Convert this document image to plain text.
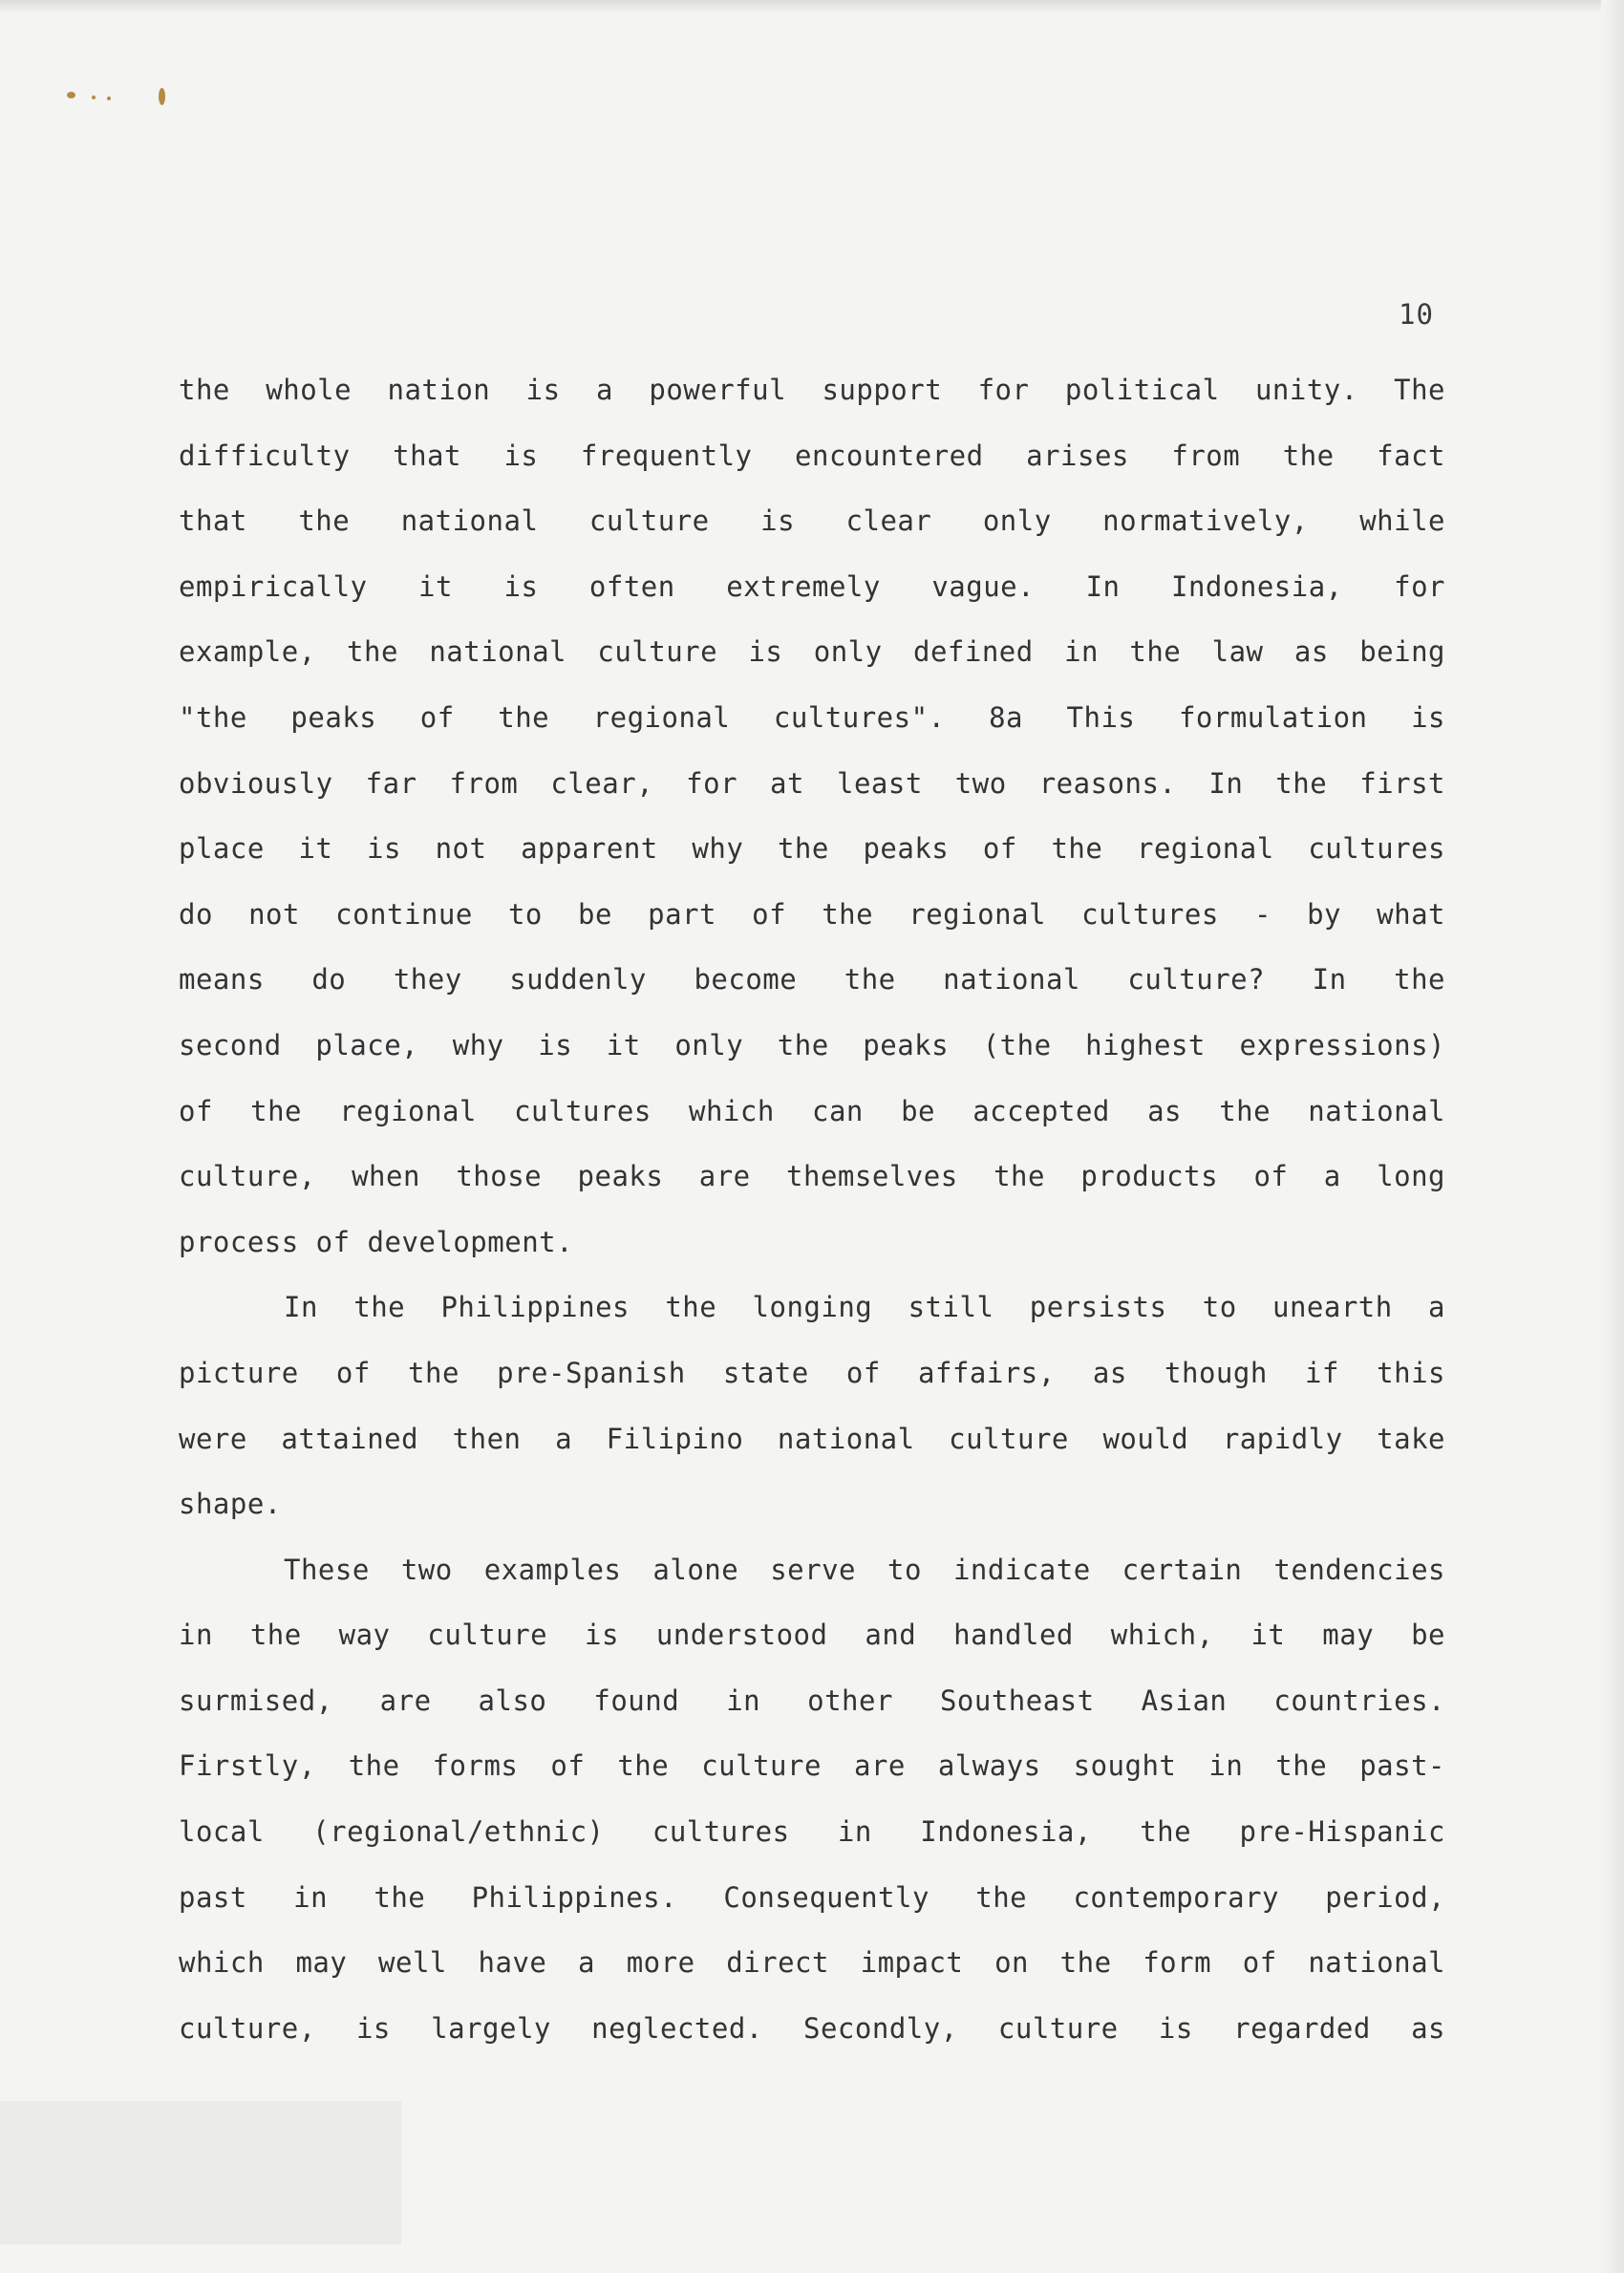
10
the whole nation is a powerful support for political unity. The
difficulty that is frequently encountered arises from the fact
that the national culture is clear only normatively, while
empirically it is often extremely vague. In Indonesia, for
example, the national culture is only defined in the law as being
"the peaks of the regional cultures". 8a This formulation is
obviously far from clear, for at least two reasons. In the first
place it is not apparent why the peaks of the regional cultures
do not continue to be part of the regional cultures - by what
means do they suddenly become the national culture? In the
second place, why is it only the peaks (the highest expressions)
of the regional cultures which can be accepted as the national
culture, when those peaks are themselves the products of a long
process of development.
In the Philippines the longing still persists to unearth a
picture of the pre-Spanish state of affairs, as though if this
were attained then a Filipino national culture would rapidly take
shape.
These two examples alone serve to indicate certain tendencies
in the way culture is understood and handled which, it may be
surmised, are also found in other Southeast Asian countries.
Firstly, the forms of the culture are always sought in the past-
local (regional/ethnic) cultures in Indonesia, the pre-Hispanic
past in the Philippines. Consequently the contemporary period,
which may well have a more direct impact on the form of national
culture, is largely neglected. Secondly, culture is regarded as
